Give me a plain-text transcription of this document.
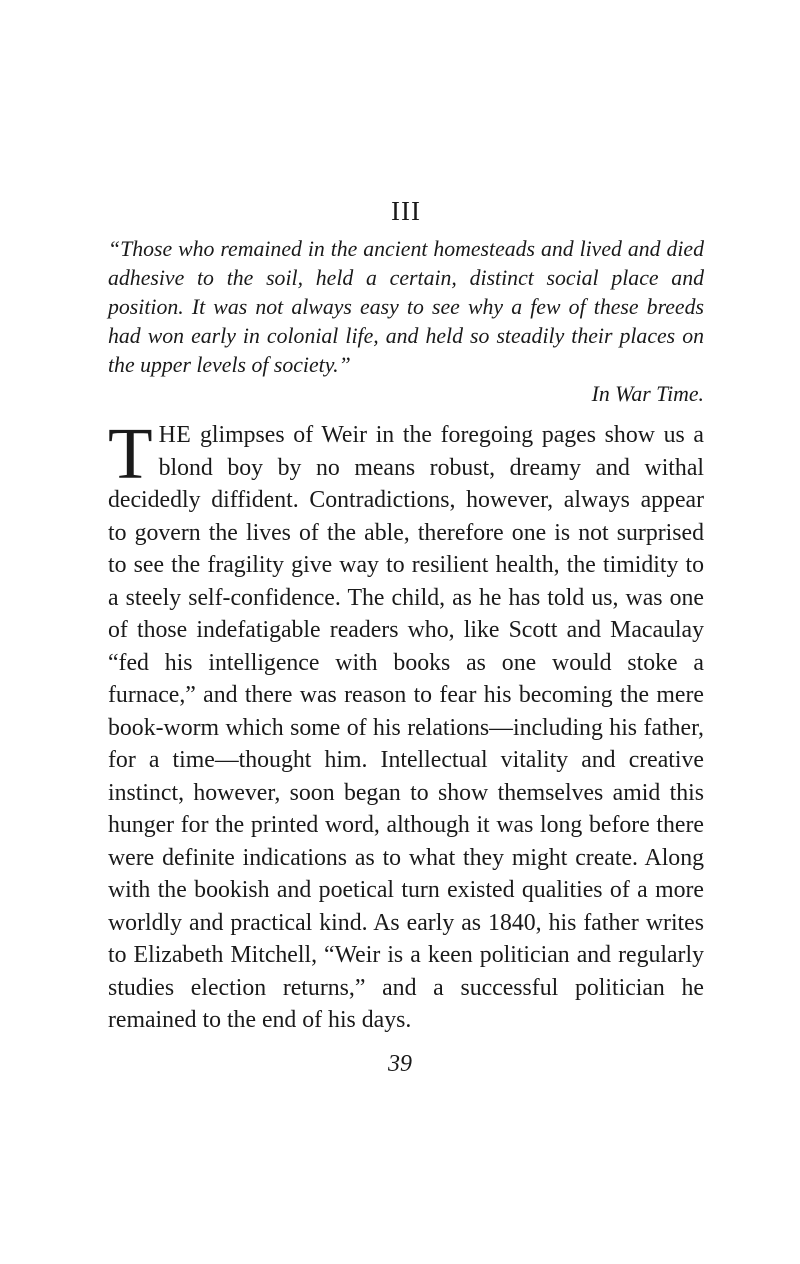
III
“Those who remained in the ancient homesteads and lived and died adhesive to the soil, held a certain, distinct social place and position. It was not always easy to see why a few of these breeds had won early in colonial life, and held so steadily their places on the upper levels of society.”
In War Time.

THE glimpses of Weir in the foregoing pages show us a blond boy by no means robust, dreamy and withal decidedly diffident. Contradictions, however, always appear to govern the lives of the able, therefore one is not surprised to see the fragility give way to resilient health, the timidity to a steely self-confidence. The child, as he has told us, was one of those indefatigable readers who, like Scott and Macaulay “fed his intelligence with books as one would stoke a furnace,” and there was reason to fear his becoming the mere book-worm which some of his relations—including his father, for a time—thought him. Intellectual vitality and creative instinct, however, soon began to show themselves amid this hunger for the printed word, although it was long before there were definite indications as to what they might create. Along with the bookish and poetical turn existed qualities of a more worldly and practical kind. As early as 1840, his father writes to Elizabeth Mitchell, “Weir is a keen politician and regularly studies election returns,” and a successful politician he remained to the end of his days.

39
